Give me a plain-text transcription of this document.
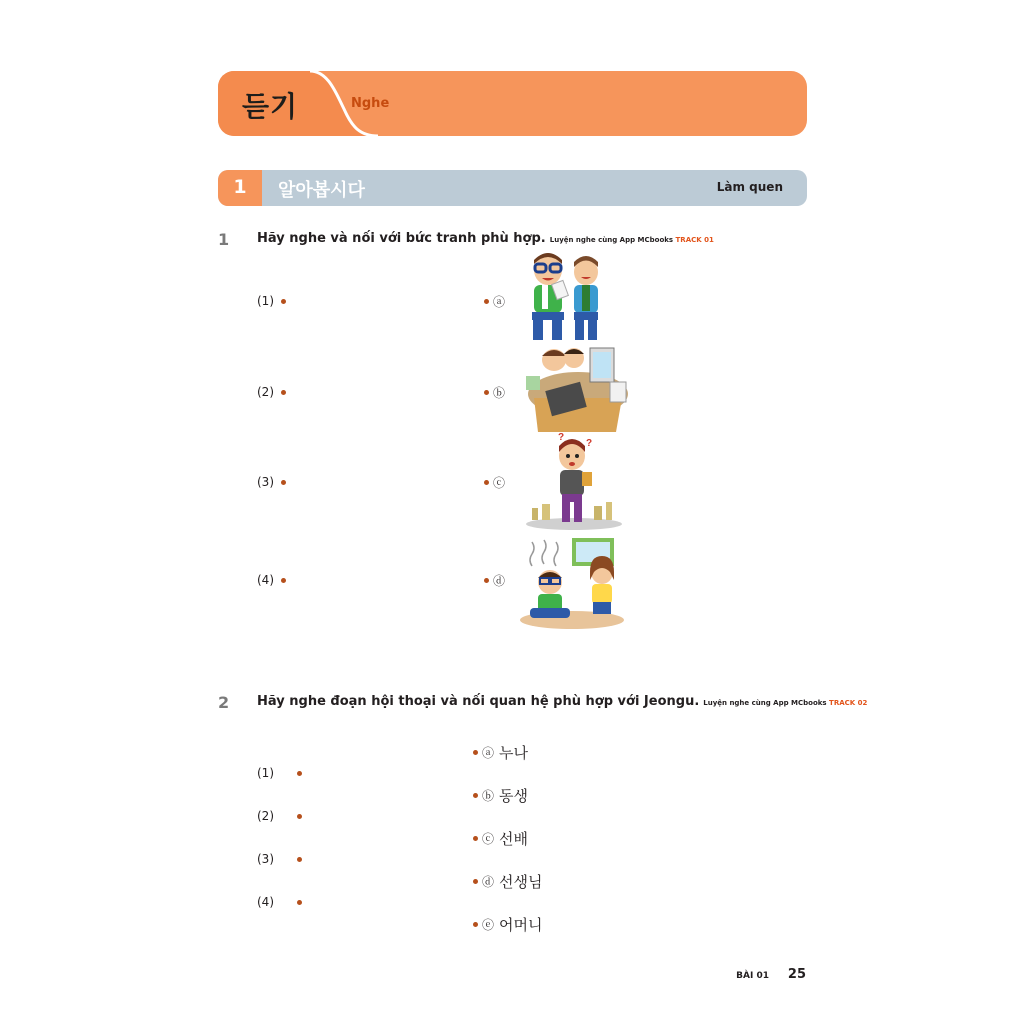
듣기	Nghe
1	알아봅시다	Làm quen
1 Hãy nghe và nối với bức tranh phù hợp. Luyện nghe cùng App MCbooks TRACK 01
(1)
(2)
(3)
(4)
ⓐ
ⓑ
ⓒ
ⓓ
?
?
2 Hãy nghe đoạn hội thoại và nối quan hệ phù hợp với Jeongu. Luyện nghe cùng App MCbooks TRACK 02
(1)
(2)
(3)
(4)
ⓐ 누나
ⓑ 동생
ⓒ 선배
ⓓ 선생님
ⓔ 어머니
BÀI 01 25
